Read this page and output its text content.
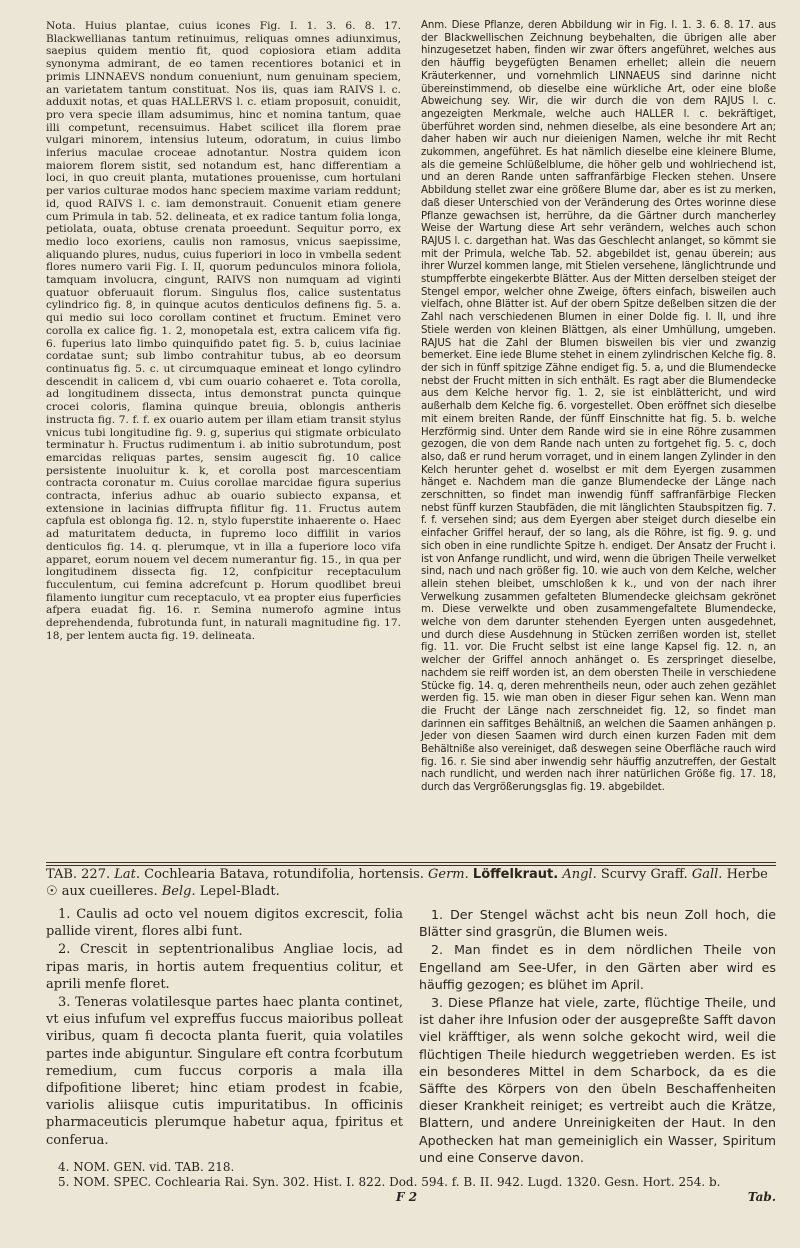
Nota. Huius plantae, cuius icones Fig. I. 1. 3. 6. 8. 17. Blackwellianas tantum retinuimus, reliquas omnes adiunximus, saepius quidem mentio fit, quod copiosiora etiam addita synonyma admirant, de eo tamen recentiores botanici et in primis LINNAEVS nondum conueniunt, num genuinam speciem, an varietatem tantum constituat. Nos iis, quas iam RAIVS l. c. adduxit notas, et quas HALLERVS l. c. etiam proposuit, conuidit, pro vera specie illam adsumimus, hinc et nomina tantum, quae illi competunt, recensuimus. Habet scilicet illa florem prae vulgari minorem, intensius luteum, odoratum, in cuius limbo inferius maculae croceae adnotantur. Nostra quidem icon maiorem florem sistit, sed notandum est, hanc differentiam a loci, in quo creuit planta, mutationes prouenisse, cum hortulani per varios culturae modos hanc speciem maxime variam reddunt; id, quod RAIVS l. c. iam demonstrauit. Conuenit etiam genere cum Primula in tab. 52. delineata, et ex radice tantum folia longa, petiolata, ouata, obtuse crenata proeedunt. Sequitur porro, ex medio loco exoriens, caulis non ramosus, vnicus saepissime, aliquando plures, nudus, cuius fuperiori in loco in vmbella sedent flores numero varii Fig. I. II, quorum pedunculos minora foliola, tamquam involucra, cingunt, RAIVS non numquam ad viginti quatuor obferuauit florum. Singulus flos, calice sustentatus cylindrico fig. 8, in quinque acutos denticulos definens fig. 5. a. qui medio sui loco corollam continet et fructum. Eminet vero corolla ex calice fig. 1. 2, monopetala est, extra calicem vifa fig. 6. fuperius lato limbo quinquifido patet fig. 5. b, cuius laciniae cordatae sunt; sub limbo contrahitur tubus, ab eo deorsum continuatus fig. 5. c. ut circumquaque emineat et longo cylindro descendit in calicem d, vbi cum ouario cohaeret e. Tota corolla, ad longitudinem dissecta, intus demonstrat puncta quinque crocei coloris, flamina quinque breuia, oblongis antheris instructa fig. 7. f. f. ex ouario autem per illam etiam transit stylus vnicus tubi longitudine fig. 9. g, superius qui stigmate orbiculato terminatur h. Fructus rudimentum i. ab initio subrotundum, post emarcidas reliquas partes, sensim augescit fig. 10 calice persistente inuoluitur k. k, et corolla post marcescentiam contracta coronatur m. Cuius corollae marcidae figura superius contracta, inferius adhuc ab ouario subiecto expansa, et extensione in lacinias diffrupta fiflitur fig. 11. Fructus autem capfula est oblonga fig. 12. n, stylo fuperstite inhaerente o. Haec ad maturitatem deducta, in fupremo loco diffilit in varios denticulos fig. 14. q. plerumque, vt in illa a fuperiore loco vifa apparet, eorum nouem vel decem numerantur fig. 15., in qua per longitudinem dissecta fig. 12, confpicitur receptaculum fucculentum, cui femina adcrefcunt p. Horum quodlibet breui filamento iungitur cum receptaculo, vt ea propter eius fuperficies afpera euadat fig. 16. r. Semina numerofo agmine intus deprehendenda, fubrotunda funt, in naturali magnitudine fig. 17. 18, per lentem aucta fig. 19. delineata.
Anm. Diese Pflanze, deren Abbildung wir in Fig. I. 1. 3. 6. 8. 17. aus der Blackwellischen Zeichnung beybehalten, die übrigen alle aber hinzugesetzet haben, finden wir zwar öfters angeführet, welches aus den häuffig beygefügten Benamen erhellet; allein die neuern Kräuterkenner, und vornehmlich LINNAEUS sind darinne nicht übereinstimmend, ob dieselbe eine würkliche Art, oder eine bloße Abweichung sey. Wir, die wir durch die von dem RAJUS l. c. angezeigten Merkmale, welche auch HALLER l. c. bekräftiget, überführet worden sind, nehmen dieselbe, als eine besondere Art an; daher haben wir auch nur dieienigen Namen, welche ihr mit Recht zukommen, angeführet. Es hat nämlich dieselbe eine kleinere Blume, als die gemeine Schlüßelblume, die höher gelb und wohlriechend ist, und an deren Rande unten saffranfärbige Flecken stehen. Unsere Abbildung stellet zwar eine größere Blume dar, aber es ist zu merken, daß dieser Unterschied von der Veränderung des Ortes worinne diese Pflanze gewachsen ist, herrühre, da die Gärtner durch mancherley Weise der Wartung diese Art sehr verändern, welches auch schon RAJUS l. c. dargethan hat. Was das Geschlecht anlanget, so kömmt sie mit der Primula, welche Tab. 52. abgebildet ist, genau überein; aus ihrer Wurzel kommen lange, mit Stielen versehene, länglichtrunde und stumpfferbte eingekerbte Blätter. Aus der Mitten derselben steiget der Stengel empor, welcher ohne Zweige, öfters einfach, bisweilen auch vielfach, ohne Blätter ist. Auf der obern Spitze deßelben sitzen die der Zahl nach verschiedenen Blumen in einer Dolde fig. I. II, und ihre Stiele werden von kleinen Blättgen, als einer Umhüllung, umgeben. RAJUS hat die Zahl der Blumen bisweilen bis vier und zwanzig bemerket. Eine iede Blume stehet in einem zylindrischen Kelche fig. 8. der sich in fünff spitzige Zähne endiget fig. 5. a, und die Blumendecke nebst der Frucht mitten in sich enthält. Es ragt aber die Blumendecke aus dem Kelche hervor fig. 1. 2, sie ist einblättericht, und wird außerhalb dem Kelche fig. 6. vorgestellet. Oben eröffnet sich dieselbe mit einem breiten Rande, der fünff Einschnitte hat fig. 5. b. welche Herzförmig sind. Unter dem Rande wird sie in eine Röhre zusammen gezogen, die von dem Rande nach unten zu fortgehet fig. 5. c, doch also, daß er rund herum vorraget, und in einem langen Zylinder in den Kelch herunter gehet d. woselbst er mit dem Eyergen zusammen hänget e. Nachdem man die ganze Blumendecke der Länge nach zerschnitten, so findet man inwendig fünff saffranfärbige Flecken nebst fünff kurzen Staubfäden, die mit länglichten Staubspitzen fig. 7. f. f. versehen sind; aus dem Eyergen aber steiget durch dieselbe ein einfacher Griffel herauf, der so lang, als die Röhre, ist fig. 9. g. und sich oben in eine rundlichte Spitze h. endiget. Der Ansatz der Frucht i. ist von Anfange rundlicht, und wird, wenn die übrigen Theile verwelket sind, nach und nach größer fig. 10. wie auch von dem Kelche, welcher allein stehen bleibet, umschloßen k k., und von der nach ihrer Verwelkung zusammen gefalteten Blumendecke gleichsam gekrönet m. Diese verwelkte und oben zusammengefaltete Blumendecke, welche von dem darunter stehenden Eyergen unten ausgedehnet, und durch diese Ausdehnung in Stücken zerrißen worden ist, stellet fig. 11. vor. Die Frucht selbst ist eine lange Kapsel fig. 12. n, an welcher der Griffel annoch anhänget o. Es zerspringet dieselbe, nachdem sie reiff worden ist, an dem obersten Theile in verschiedene Stücke fig. 14. q, deren mehrentheils neun, oder auch zehen gezählet werden fig. 15. wie man oben in dieser Figur sehen kan. Wenn man die Frucht der Länge nach zerschneidet fig. 12, so findet man darinnen ein saffitges Behältniß, an welchen die Saamen anhängen p. Jeder von diesen Saamen wird durch einen kurzen Faden mit dem Behältniße also vereiniget, daß deswegen seine Oberfläche rauch wird fig. 16. r. Sie sind aber inwendig sehr häuffig anzutreffen, der Gestalt nach rundlicht, und werden nach ihrer natürlichen Größe fig. 17. 18, durch das Vergrößerungsglas fig. 19. abgebildet.
TAB. 227. Lat. Cochlearia Batava, rotundifolia, hortensis. Germ. Löffelkraut. Angl. Scurvy Graff. Gall. Herbe
☉ aux cueilleres. Belg. Lepel-Bladt.

1. Caulis ad octo vel nouem digitos excrescit, folia pallide virent, flores albi funt.

2. Crescit in septentrionalibus Angliae locis, ad ripas maris, in hortis autem frequentius colitur, et aprili menfe floret.

3. Teneras volatilesque partes haec planta continet, vt eius infufum vel expreffus fuccus maioribus polleat viribus, quam fi decocta planta fuerit, quia volatiles partes inde abiguntur. Singulare eft contra fcorbutum remedium, cum fuccus corporis a mala illa difpofitione liberet; hinc etiam prodest in fcabie, variolis aliisque cutis impuritatibus. In officinis pharmaceuticis plerumque habetur aqua, fpiritus et conferua.

1. Der Stengel wächst acht bis neun Zoll hoch, die Blätter sind grasgrün, die Blumen weis.

2. Man findet es in dem nördlichen Theile von Engelland am See-Ufer, in den Gärten aber wird es häuffig gezogen; es blühet im April.

3. Diese Pflanze hat viele, zarte, flüchtige Theile, und ist daher ihre Infusion oder der ausgepreßte Safft davon viel kräfftiger, als wenn solche gekocht wird, weil die flüchtigen Theile hiedurch weggetrieben werden. Es ist ein besonderes Mittel in dem Scharbock, da es die Säffte des Körpers von den übeln Beschaffenheiten dieser Krankheit reiniget; es vertreibt auch die Krätze, Blattern, und andere Unreinigkeiten der Haut. In den Apothecken hat man gemeiniglich ein Wasser, Spiritum und eine Conserve davon.

4. NOM. GEN. vid. TAB. 218.
5. NOM. SPEC. Cochlearia Rai. Syn. 302. Hist. I. 822. Dod. 594. f. B. II. 942. Lugd. 1320. Gesn. Hort. 254. b.
F 2	Tab.
